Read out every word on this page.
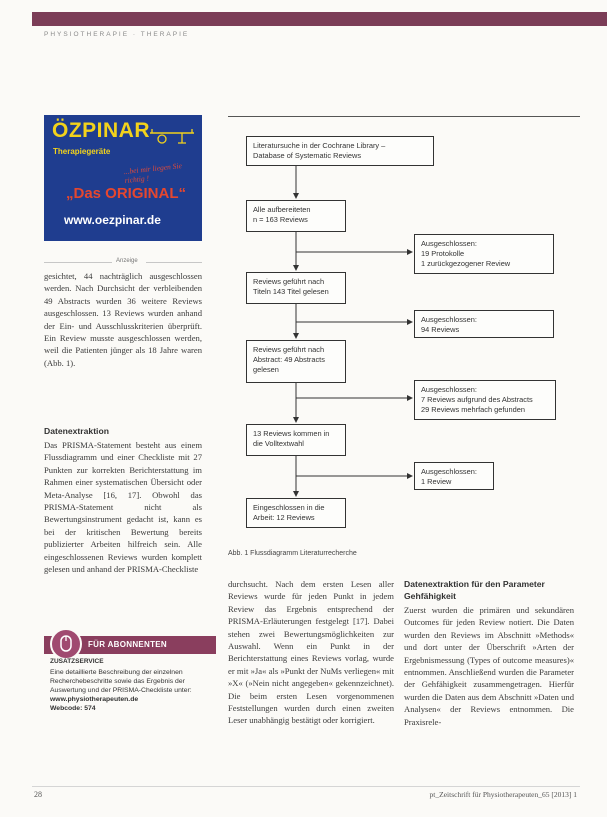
PHYSIOTHERAPIE · THERAPIE
ÖZPINAR
Therapiegeräte
...bei mir liegen Sie richtig !
„Das ORIGINAL“
www.oezpinar.de
Anzeige

gesichtet, 44 nachträglich ausgeschlossen werden. Nach Durchsicht der verbleibenden 49 Abstracts wurden 36 weitere Reviews ausgeschlossen. 13 Reviews wurden anhand der Ein- und Ausschlusskriterien überprüft. Ein Review musste ausgeschlossen werden, weil die Patienten jünger als 18 Jahre waren (Abb. 1).

Datenextraktion

Das PRISMA-Statement besteht aus einem Flussdiagramm und einer Checkliste mit 27 Punkten zur korrekten Berichterstattung im Rahmen einer systematischen Übersicht oder Meta-Analyse [16, 17]. Obwohl das PRISMA-Statement nicht als Bewertungsinstrument gedacht ist, kann es bei der kritischen Bewertung bereits publizierter Arbeiten hilfreich sein. Alle eingeschlossenen Reviews wurden komplett gelesen und anhand der PRISMA-Checkliste

Literatursuche in der Cochrane Library –
Database of Systematic Reviews
Alle aufbereiteten
n = 163 Reviews
Ausgeschlossen:
19 Protokolle
1 zurückgezogener Review
Reviews geführt nach
Titeln 143 Titel gelesen
Ausgeschlossen:
94 Reviews
Reviews geführt nach
Abstract: 49 Abstracts
gelesen
Ausgeschlossen:
7 Reviews aufgrund des Abstracts
29 Reviews mehrfach gefunden
13 Reviews kommen in
die Volltextwahl
Ausgeschlossen:
1 Review
Eingeschlossen in die
Arbeit: 12 Reviews
Abb. 1 Flussdiagramm Literaturrecherche

durchsucht. Nach dem ersten Lesen aller Reviews wurde für jeden Punkt in jedem Review das Ergebnis entsprechend der PRISMA-Erläuterungen festgelegt [17]. Dabei stehen zwei Bewertungsmöglichkeiten zur Auswahl. Wenn ein Punkt in der Berichterstattung eines Reviews vorlag, wurde er mit »Ja« als »Punkt der NuMs verliegen« mit »X« (»Nein nicht angegeben« gekennzeichnet). Die beim ersten Lesen vorgenommenen Feststellungen wurden durch einen zweiten Leser unabhängig bestätigt oder korrigiert.

Datenextraktion für den Parameter Gehfähigkeit

Zuerst wurden die primären und sekundären Outcomes für jeden Review notiert. Die Daten wurden den Reviews im Abschnitt »Methods« und dort unter der Überschrift »Arten der Ergebnismessung (Types of outcome measures)« entnommen. Anschließend wurden die Parameter der Gehfähigkeit zusammengetragen. Hierfür wurden die Daten aus dem Abschnitt »Daten und Analysen« der Reviews entnommen. Die Praxisrele-

FÜR ABONNENTEN
ZUSATZSERVICE
Eine detaillierte Beschreibung der einzelnen Recherchebeschritte sowie das Ergebnis der Auswertung und der PRISMA-Checkliste unter:
www.physiotherapeuten.de
Webcode: 574
28	pt_Zeitschrift für Physiotherapeuten_65 [2013] 1
